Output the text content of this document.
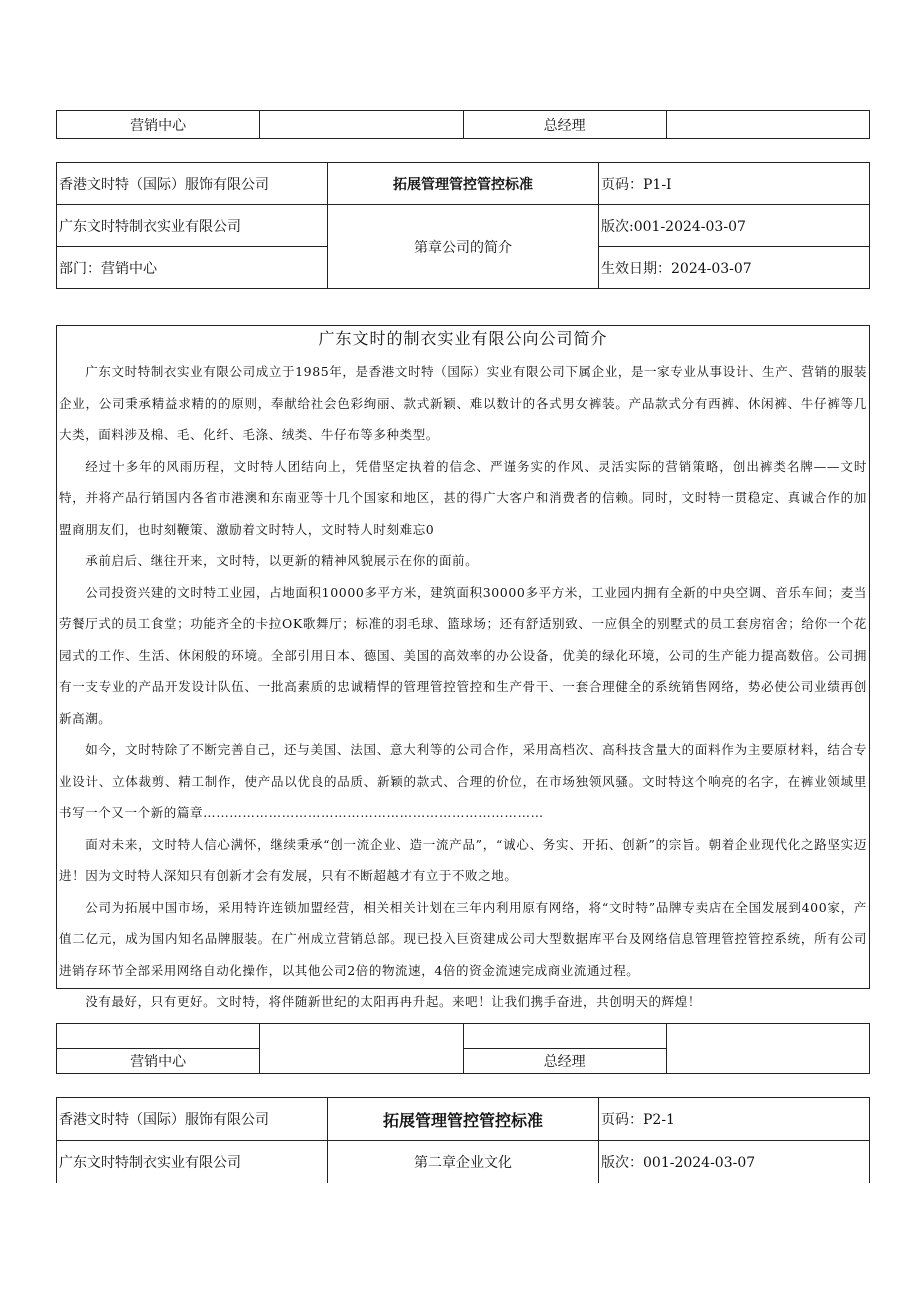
营销中心		总经理	
香港文时特（国际）服饰有限公司	拓展管理管控管控标准	页码：P1-I
广东文时特制衣实业有限公司	第章公司的简介	版次:001-2024-03-07
部门：营销中心		生效日期：2024-03-07
广东文时的制衣实业有限公向公司简介

广东文时特制衣实业有限公司成立于1985年，是香港文时特（国际）实业有限公司下属企业，是一家专业从事设计、生产、营销的服装企业，公司秉承精益求精的的原则，奉献给社会色彩绚丽、款式新颖、难以数计的各式男女裤装。产品款式分有西裤、休闲裤、牛仔裤等几大类，面料涉及棉、毛、化纤、毛涤、绒类、牛仔布等多种类型。

经过十多年的风雨历程，文时特人团结向上，凭借坚定执着的信念、严谨务实的作风、灵活实际的营销策略，创出裤类名牌——文时特，并将产品行销国内各省市港澳和东南亚等十几个国家和地区，甚的得广大客户和消费者的信赖。同时，文时特一贯稳定、真诚合作的加盟商朋友们，也时刻鞭策、激励着文时特人，文时特人时刻难忘0

承前启后、继往开来，文时特，以更新的精神风貌展示在你的面前。

公司投资兴建的文时特工业园，占地面积10000多平方米，建筑面积30000多平方米，工业园内拥有全新的中央空调、音乐车间；麦当劳餐厅式的员工食堂；功能齐全的卡拉OK歌舞厅；标准的羽毛球、篮球场；还有舒适别致、一应俱全的别墅式的员工套房宿舍；给你一个花园式的工作、生活、休闲般的环境。全部引用日本、德国、美国的高效率的办公设备，优美的绿化环境，公司的生产能力提高数倍。公司拥有一支专业的产品开发设计队伍、一批高素质的忠诚精悍的管理管控管控和生产骨干、一套合理健全的系统销售网络，势必使公司业绩再创新高潮。

如今，文时特除了不断完善自己，还与美国、法国、意大利等的公司合作，采用高档次、高科技含量大的面料作为主要原材料，结合专业设计、立体裁剪、精工制作，使产品以优良的品质、新颖的款式、合理的价位，在市场独领风骚。文时特这个响亮的名字，在裤业领域里书写一个又一个新的篇章……………………………………………………………………

面对未来，文时特人信心满怀，继续秉承“创一流企业、造一流产品”，“诚心、务实、开拓、创新”的宗旨。朝着企业现代化之路坚实迈进！因为文时特人深知只有创新才会有发展，只有不断超越才有立于不败之地。

公司为拓展中国市场，采用特许连锁加盟经营，相关相关计划在三年内利用原有网络，将“文时特”品牌专卖店在全国发展到400家，产值二亿元，成为国内知名品牌服装。在广州成立营销总部。现已投入巨资建成公司大型数据库平台及网络信息管理管控管控系统，所有公司进销存环节全部采用网络自动化操作，以其他公司2倍的物流速，4倍的资金流速完成商业流通过程。

没有最好，只有更好。文时特，将伴随新世纪的太阳再冉升起。来吧！让我们携手奋进，共创明天的辉煌！

营销中心		总经理	
香港文时特（国际）服饰有限公司	拓展管理管控管控标准	页码：P2-1
广东文时特制衣实业有限公司	第二章企业文化	版次：001-2024-03-07
